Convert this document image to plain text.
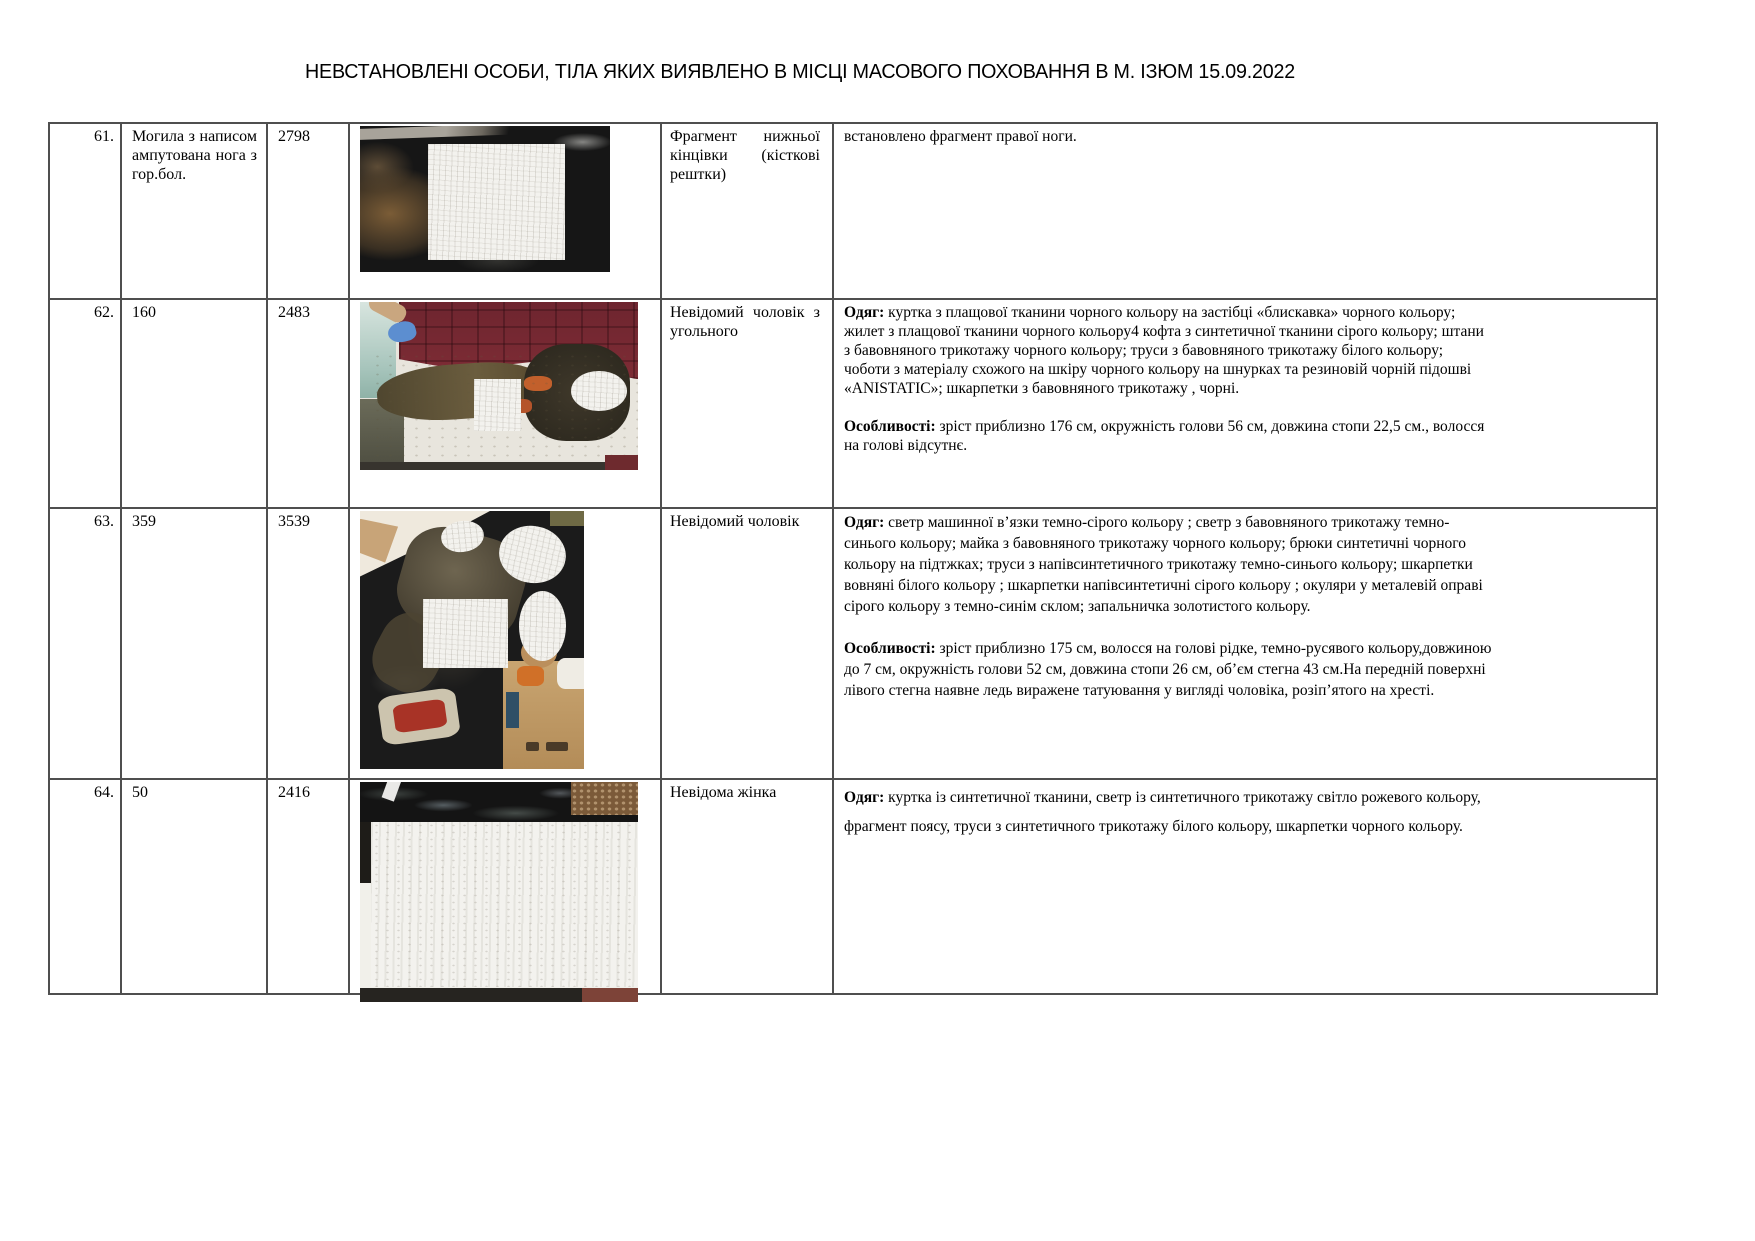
НЕВСТАНОВЛЕНІ ОСОБИ, ТІЛА ЯКИХ ВИЯВЛЕНО В МІСЦІ МАСОВОГО ПОХОВАННЯ В М. ІЗЮМ 15.09.2022
61.	Могила з написом ампутована нога з гор.бол.	2798		Фрагмент нижньої кінцівки (кісткові рештки)	встановлено фрагмент правої ноги.

62.	160	2483		Невідомий чоловік з угольного	Одяг: куртка з плащової тканини чорного кольору на застібці «блискавка» чорного кольору; жилет з плащової тканини чорного кольору4 кофта з синтетичної тканини сірого кольору; штани з бавовняного трикотажу чорного кольору; труси з бавовняного трикотажу білого кольору; чоботи з матеріалу схожого на шкіру чорного кольору на шнурках та резиновій чорній підошві «ANISTATIC»; шкарпетки з бавовняного трикотажу , чорні.

Особливості: зріст приблизно 176 см, окружність голови 56 см, довжина стопи 22,5 см., волосся на голові відсутнє.

63.	359	3539		Невідомий чоловік	Одяг: светр машинної в’язки темно-сірого кольору ; светр з бавовняного трикотажу темно-синього кольору; майка з бавовняного трикотажу чорного кольору; брюки синтетичні чорного кольору на підтжках; труси з напівсинтетичного трикотажу темно-синього кольору; шкарпетки вовняні білого кольору ; шкарпетки напівсинтетичні сірого кольору ; окуляри у металевій оправі сірого кольору з темно-синім склом; запальничка золотистого кольору.

Особливості: зріст приблизно 175 см, волосся на голові рідке, темно-русявого кольору,довжиною до 7 см, окружність голови 52 см, довжина стопи 26 см, об’єм стегна 43 см.На передній поверхні лівого стегна наявне ледь виражене татуювання у вигляді чоловіка, розіп’ятого на хресті.

64.	50	2416		Невідома жінка	Одяг: куртка із синтетичної тканини, светр із синтетичного трикотажу світло рожевого кольору, фрагмент поясу, труси з синтетичного трикотажу білого кольору, шкарпетки чорного кольору.
